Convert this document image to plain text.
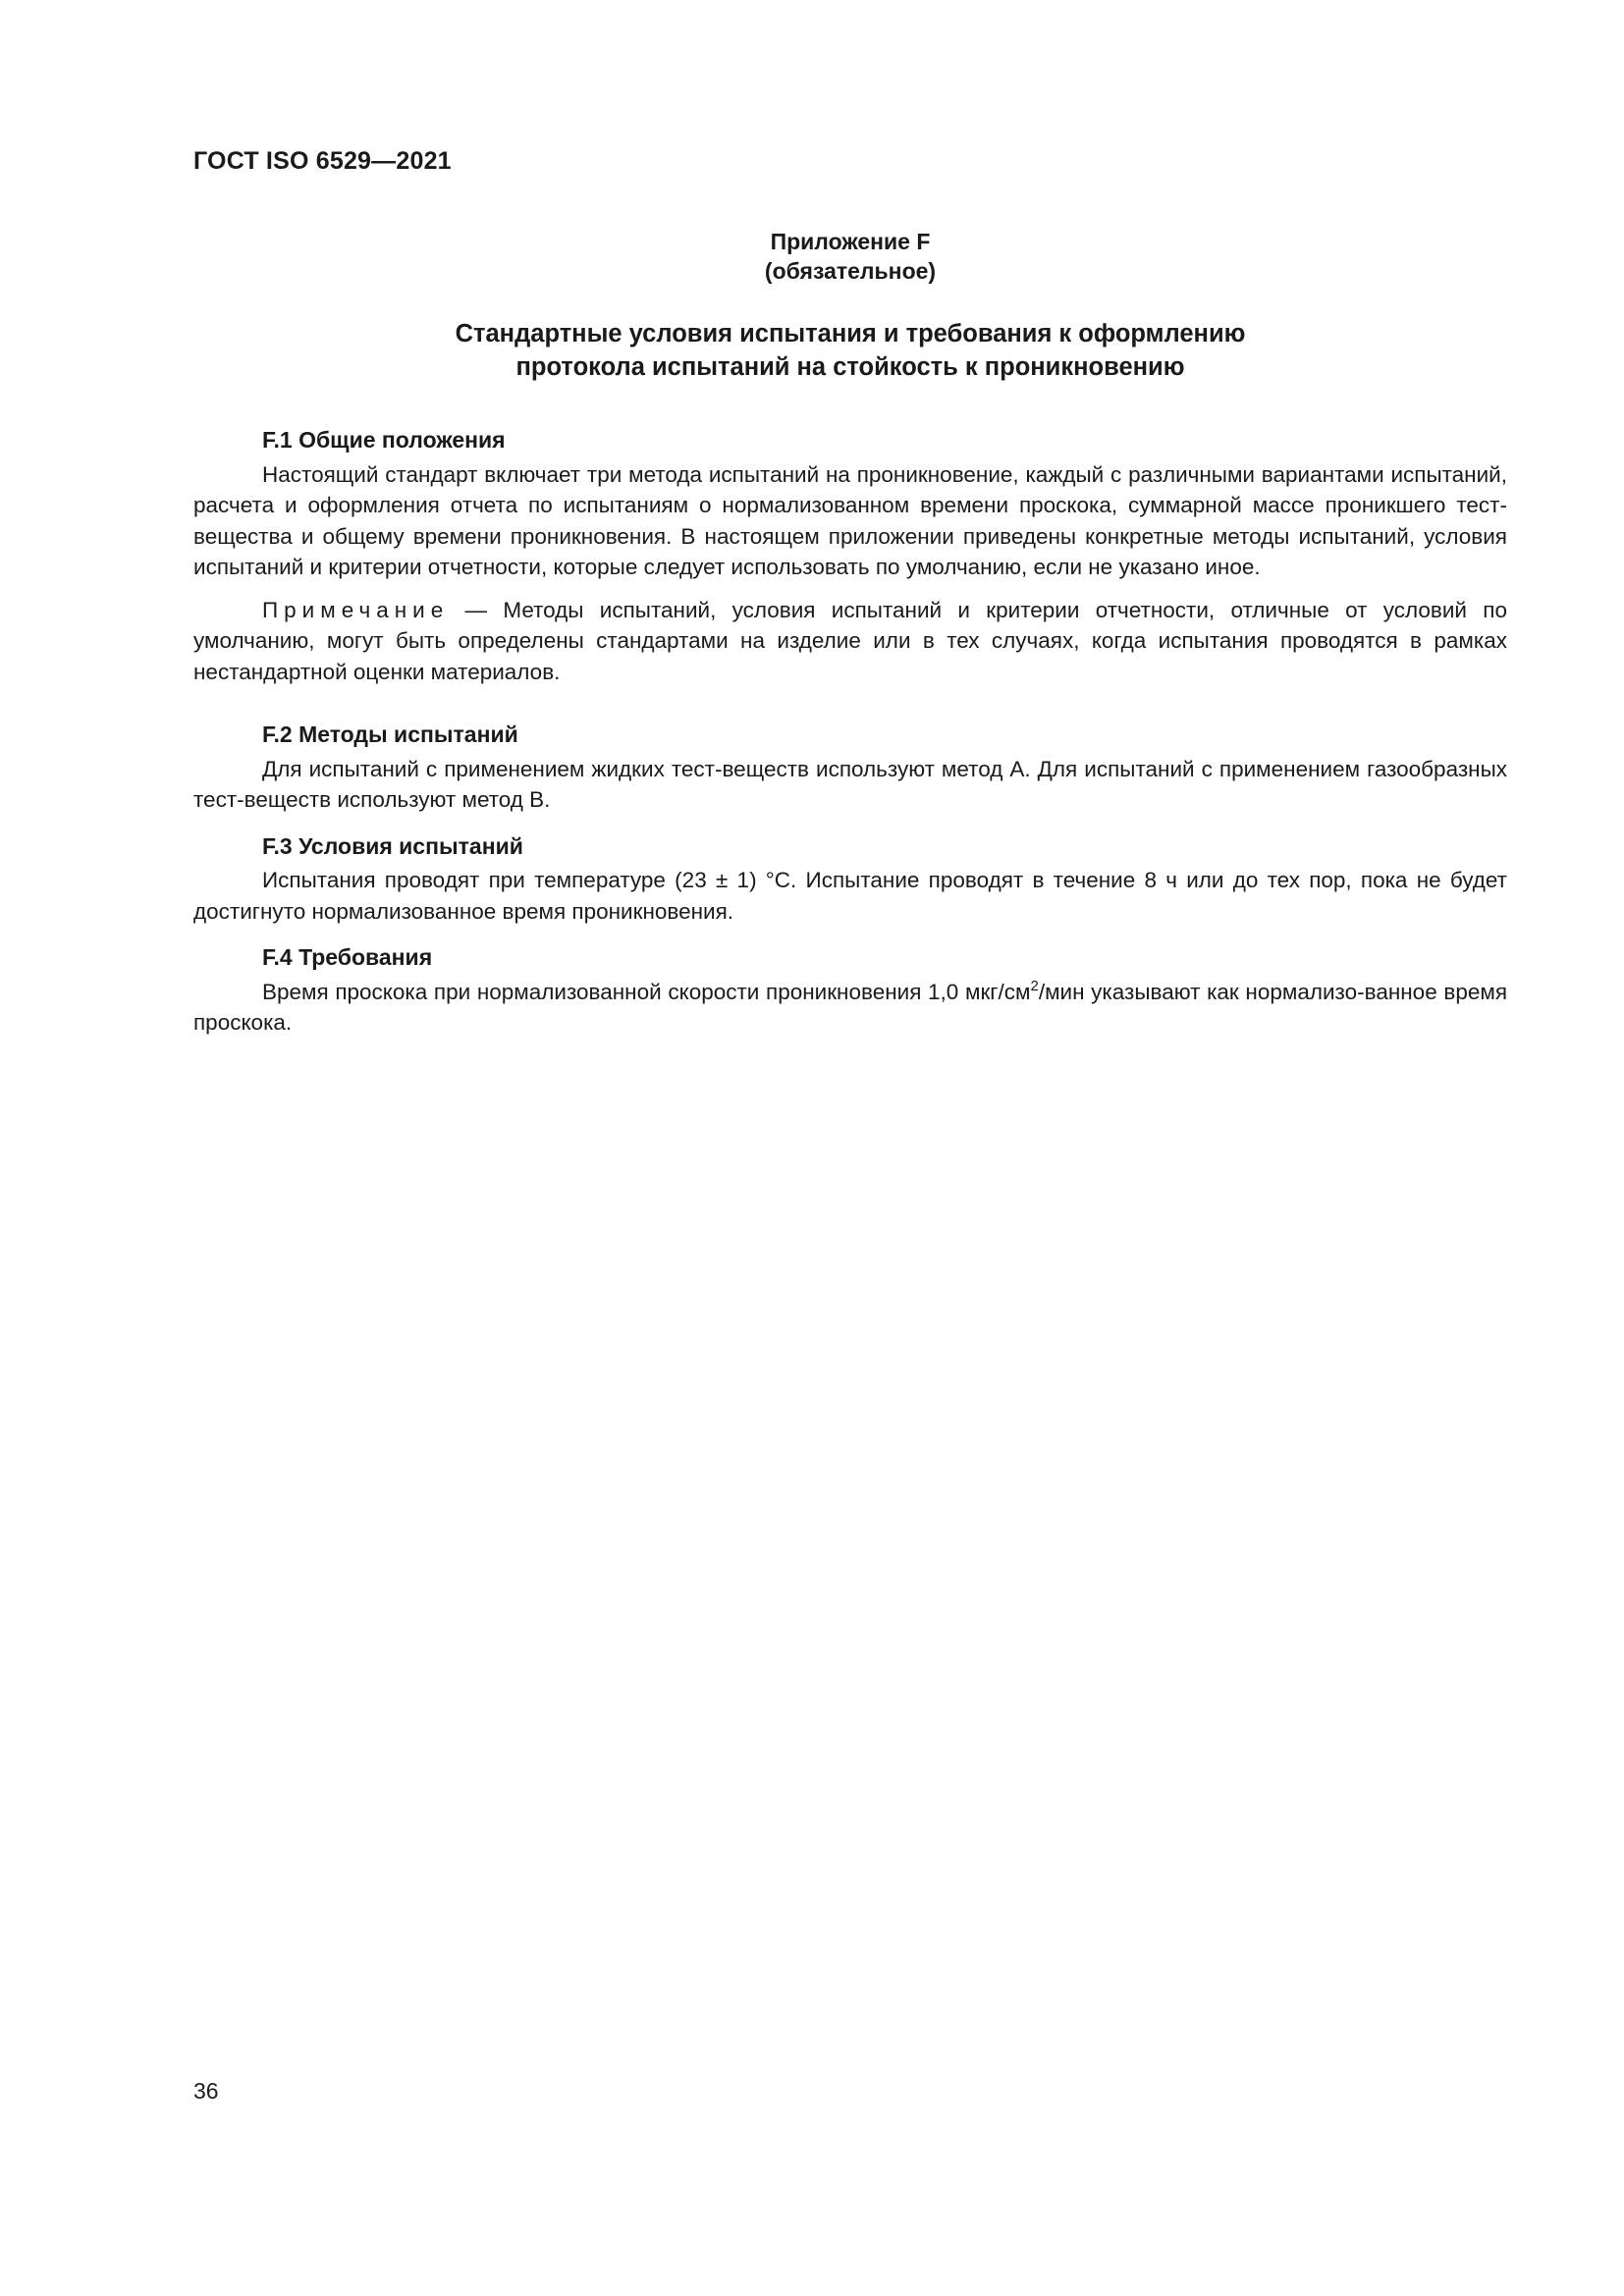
ГОСТ ISO 6529—2021
Приложение F
(обязательное)
Стандартные условия испытания и требования к оформлению
протокола испытаний на стойкость к проникновению
F.1 Общие положения

Настоящий стандарт включает три метода испытаний на проникновение, каждый с различными вариантами испытаний, расчета и оформления отчета по испытаниям о нормализованном времени проскока, суммарной массе проникшего тест-вещества и общему времени проникновения. В настоящем приложении приведены конкретные методы испытаний, условия испытаний и критерии отчетности, которые следует использовать по умолчанию, если не указано иное.

Примечание — Методы испытаний, условия испытаний и критерии отчетности, отличные от условий по умолчанию, могут быть определены стандартами на изделие или в тех случаях, когда испытания проводятся в рамках нестандартной оценки материалов.

F.2 Методы испытаний

Для испытаний с применением жидких тест-веществ используют метод А. Для испытаний с применением газообразных тест-веществ используют метод В.

F.3 Условия испытаний

Испытания проводят при температуре (23 ± 1) °С. Испытание проводят в течение 8 ч или до тех пор, пока не будет достигнуто нормализованное время проникновения.

F.4 Требования

Время проскока при нормализованной скорости проникновения 1,0 мкг/$см^2$/мин указывают как нормализо-ванное время проскока.

36
